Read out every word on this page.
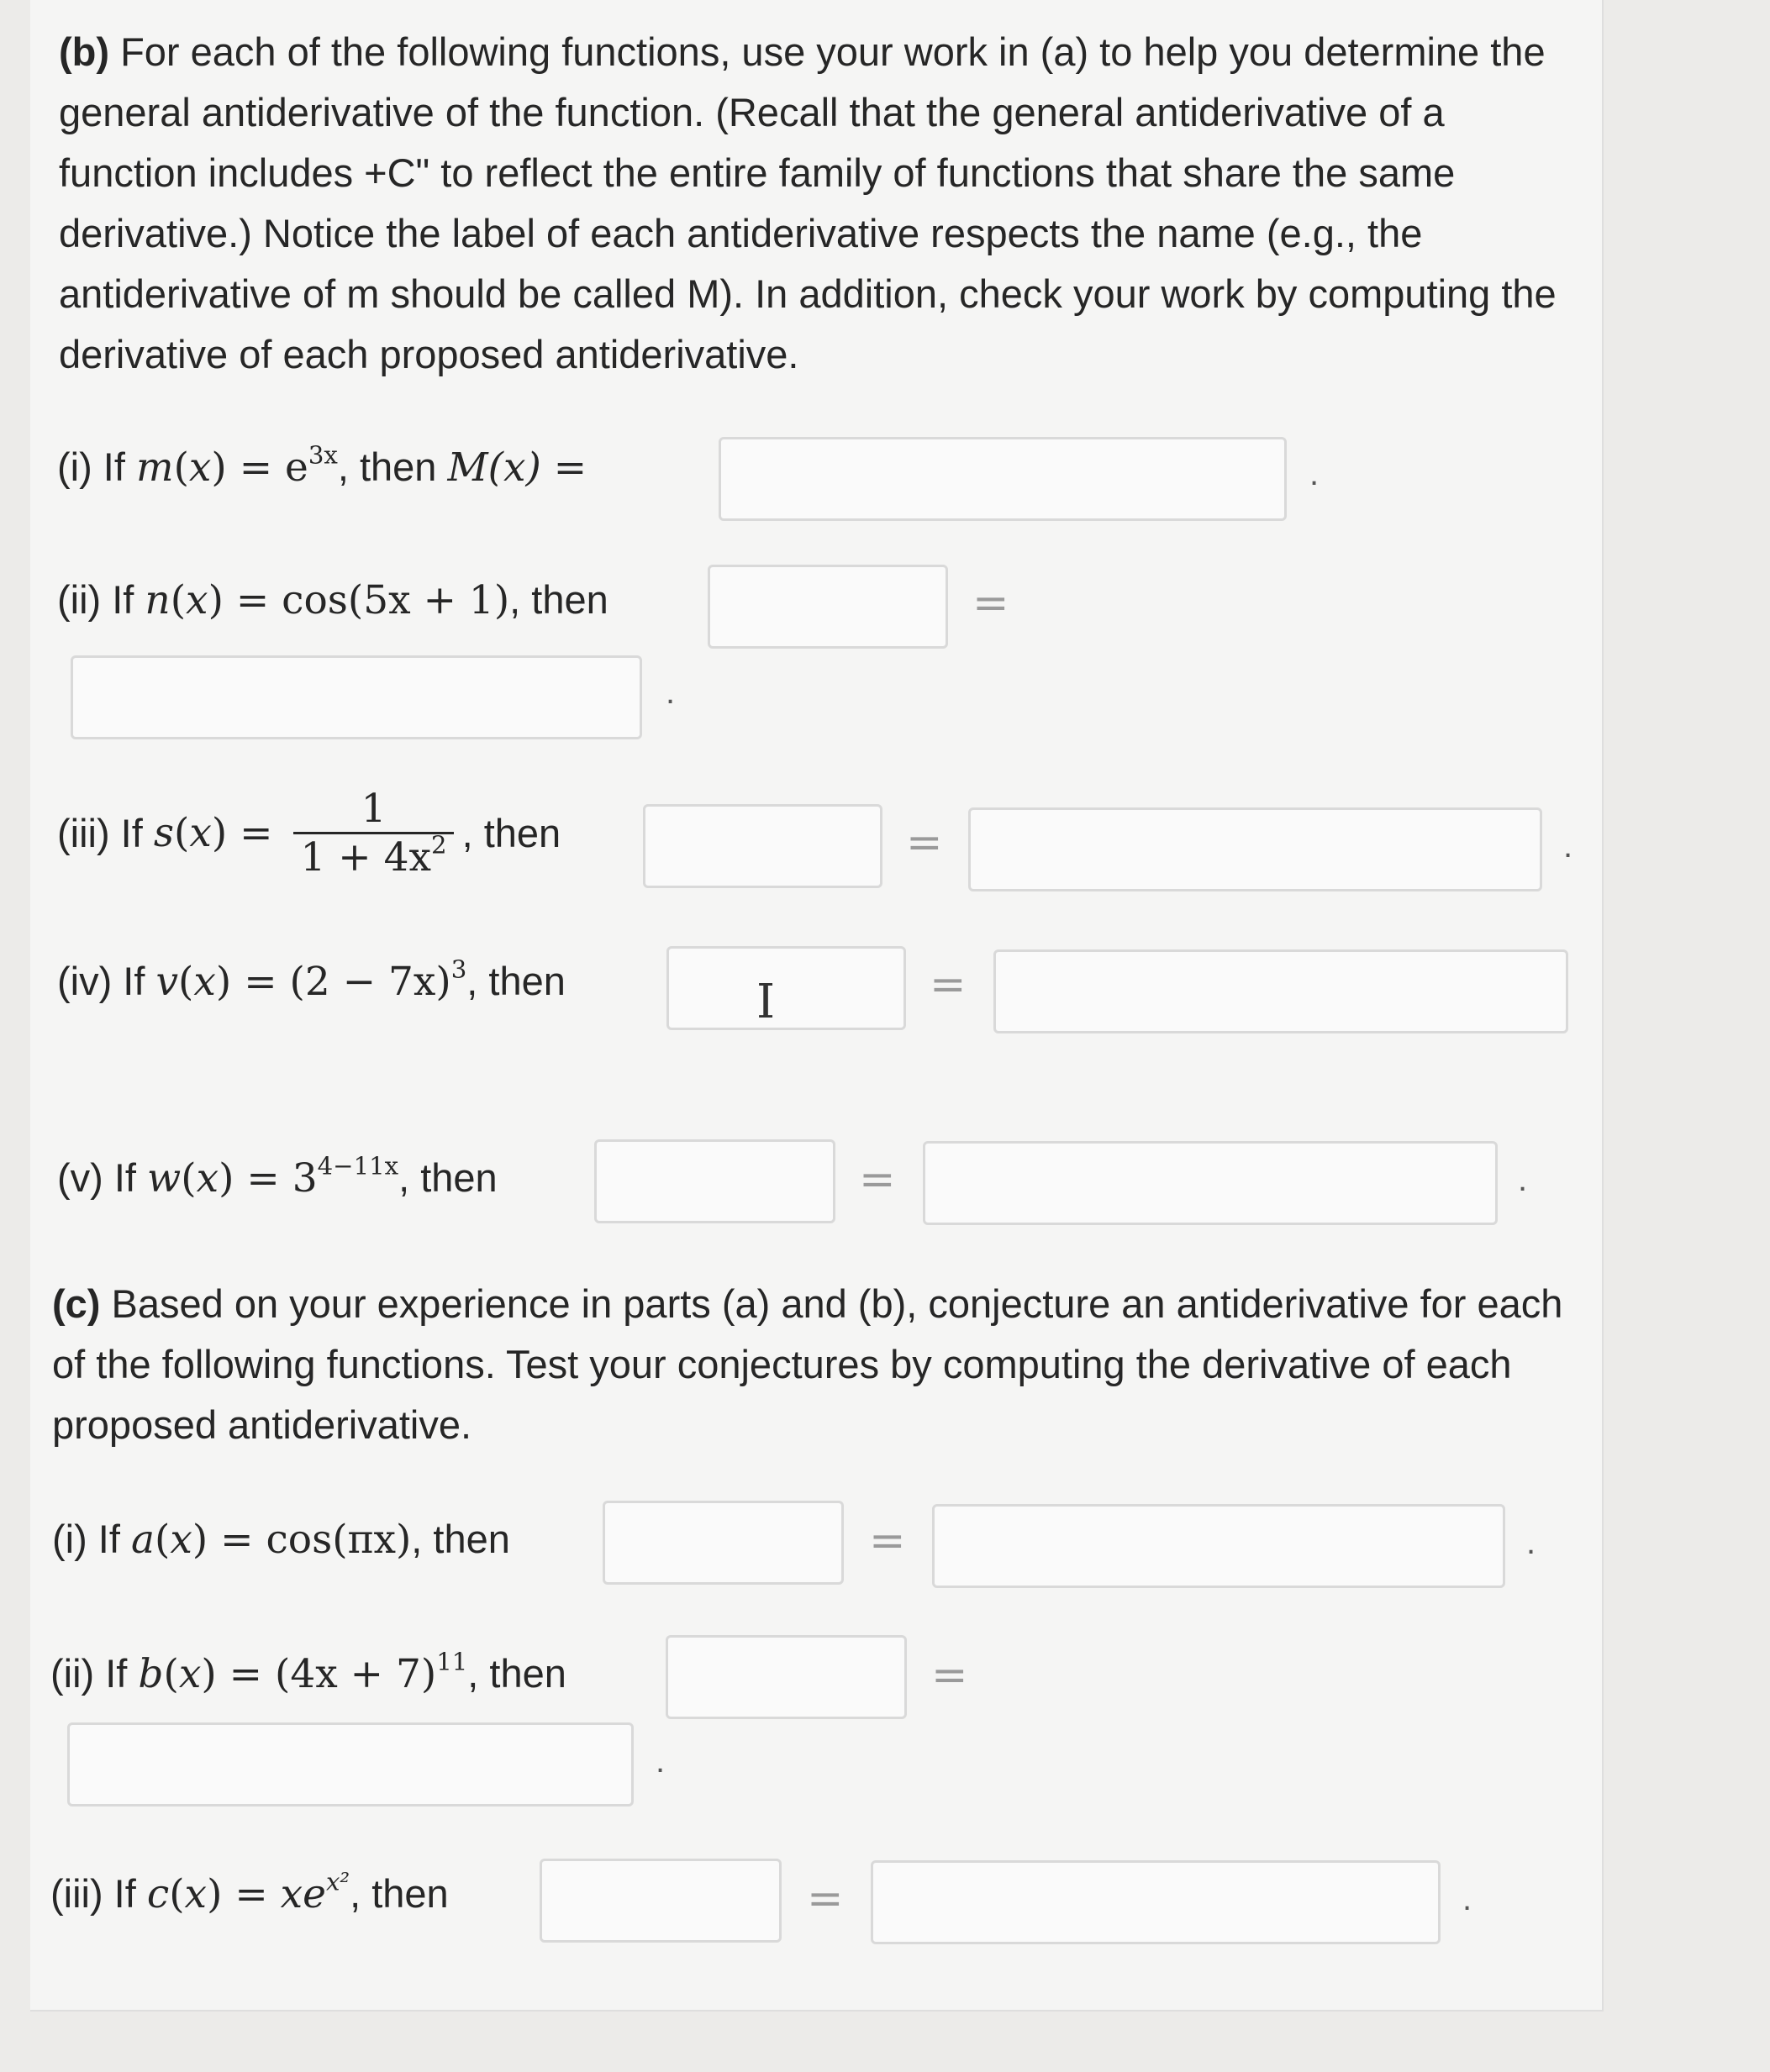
(b) For each of the following functions, use your work in (a) to help you determine the general antiderivative of the function. (Recall that the general antiderivative of a function includes +C" to reflect the entire family of functions that share the same derivative.) Notice the label of each antiderivative respects the name (e.g., the antiderivative of m should be called M). In addition, check your work by computing the derivative of each proposed antiderivative.

(i) If $m(x) = e^{3x}$, then M(x) =	.
(ii) If n(x) = cos(5x + 1), then	=
.
(iii) If $s(x) = \frac{1}{1 + 4x^2}$ , then	=	.
(iv) If $v(x) = (2 - 7x)^3$, then	=
I
(v) If $w(x) = 3^{4-11x}$, then	=	.

(c) Based on your experience in parts (a) and (b), conjecture an antiderivative for each of the following functions. Test your conjectures by computing the derivative of each proposed antiderivative.

(i) If a(x) = cos(πx), then	=	.
(ii) If $b(x) = (4x + 7)^{11}$, then	=
.
(iii) If $c(x) = xe^{x^2}$, then	=	.
